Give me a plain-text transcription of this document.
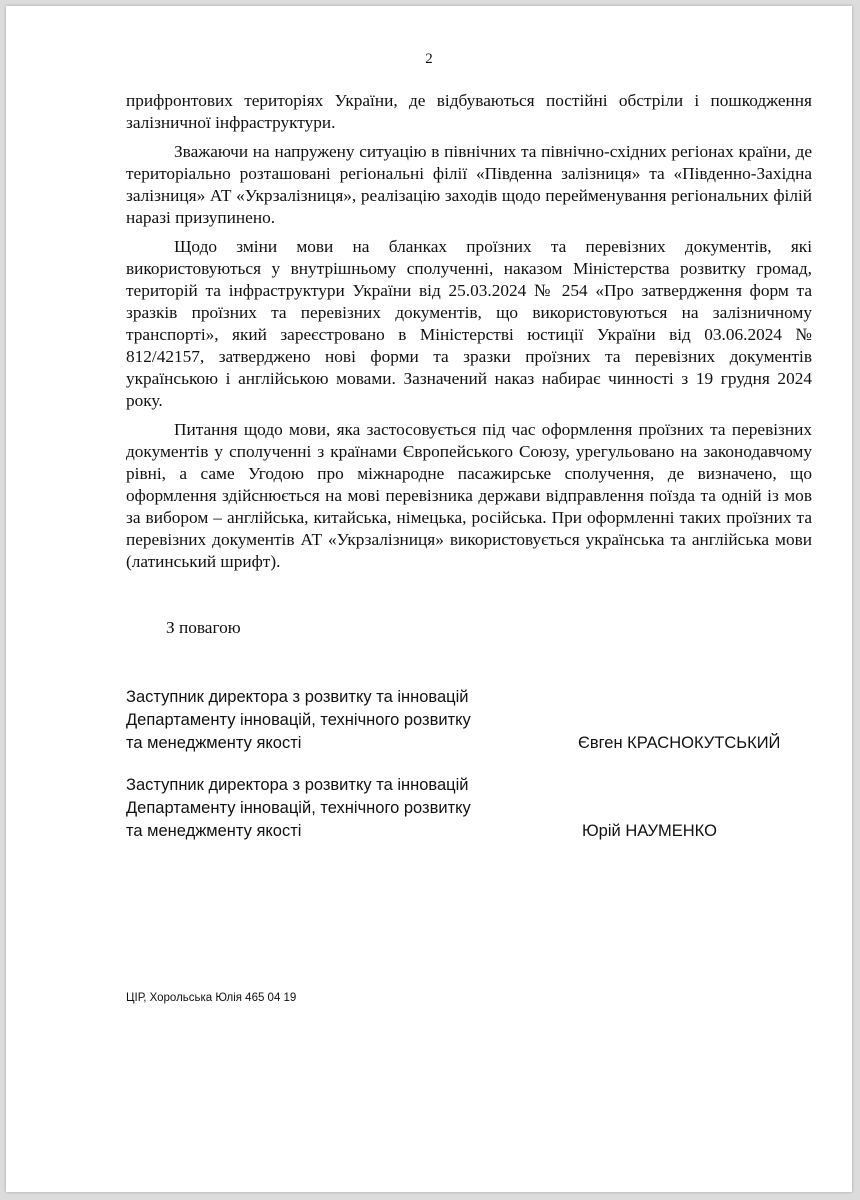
2

прифронтових територіях України, де відбуваються постійні обстріли і пошкодження залізничної інфраструктури.

Зважаючи на напружену ситуацію в північних та північно-східних регіонах країни, де територіально розташовані регіональні філії «Південна залізниця» та «Південно-Західна залізниця» АТ «Укрзалізниця», реалізацію заходів щодо перейменування регіональних філій наразі призупинено.

Щодо зміни мови на бланках проїзних та перевізних документів, які використовуються у внутрішньому сполученні, наказом Міністерства розвитку громад, територій та інфраструктури України від 25.03.2024 № 254 «Про затвердження форм та зразків проїзних та перевізних документів, що використовуються на залізничному транспорті», який зареєстровано в Міністерстві юстиції України від 03.06.2024 № 812/42157, затверджено нові форми та зразки проїзних та перевізних документів українською і англійською мовами. Зазначений наказ набирає чинності з 19 грудня 2024 року.

Питання щодо мови, яка застосовується під час оформлення проїзних та перевізних документів у сполученні з країнами Європейського Союзу, урегульовано на законодавчому рівні, а саме Угодою про міжнародне пасажирське сполучення, де визначено, що оформлення здійснюється на мові перевізника держави відправлення поїзда та одній із мов за вибором – англійська, китайська, німецька, російська. При оформленні таких проїзних та перевізних документів АТ «Укрзалізниця» використовується українська та англійська мови (латинський шрифт).

З повагою
Заступник директора з розвитку та інновацій
Департаменту інновацій, технічного розвитку
та менеджменту якості	Євген КРАСНОКУТСЬКИЙ
Заступник директора з розвитку та інновацій
Департаменту інновацій, технічного розвитку
та менеджменту якості	Юрій НАУМЕНКО
ЦІР, Хорольська Юлія 465 04 19
